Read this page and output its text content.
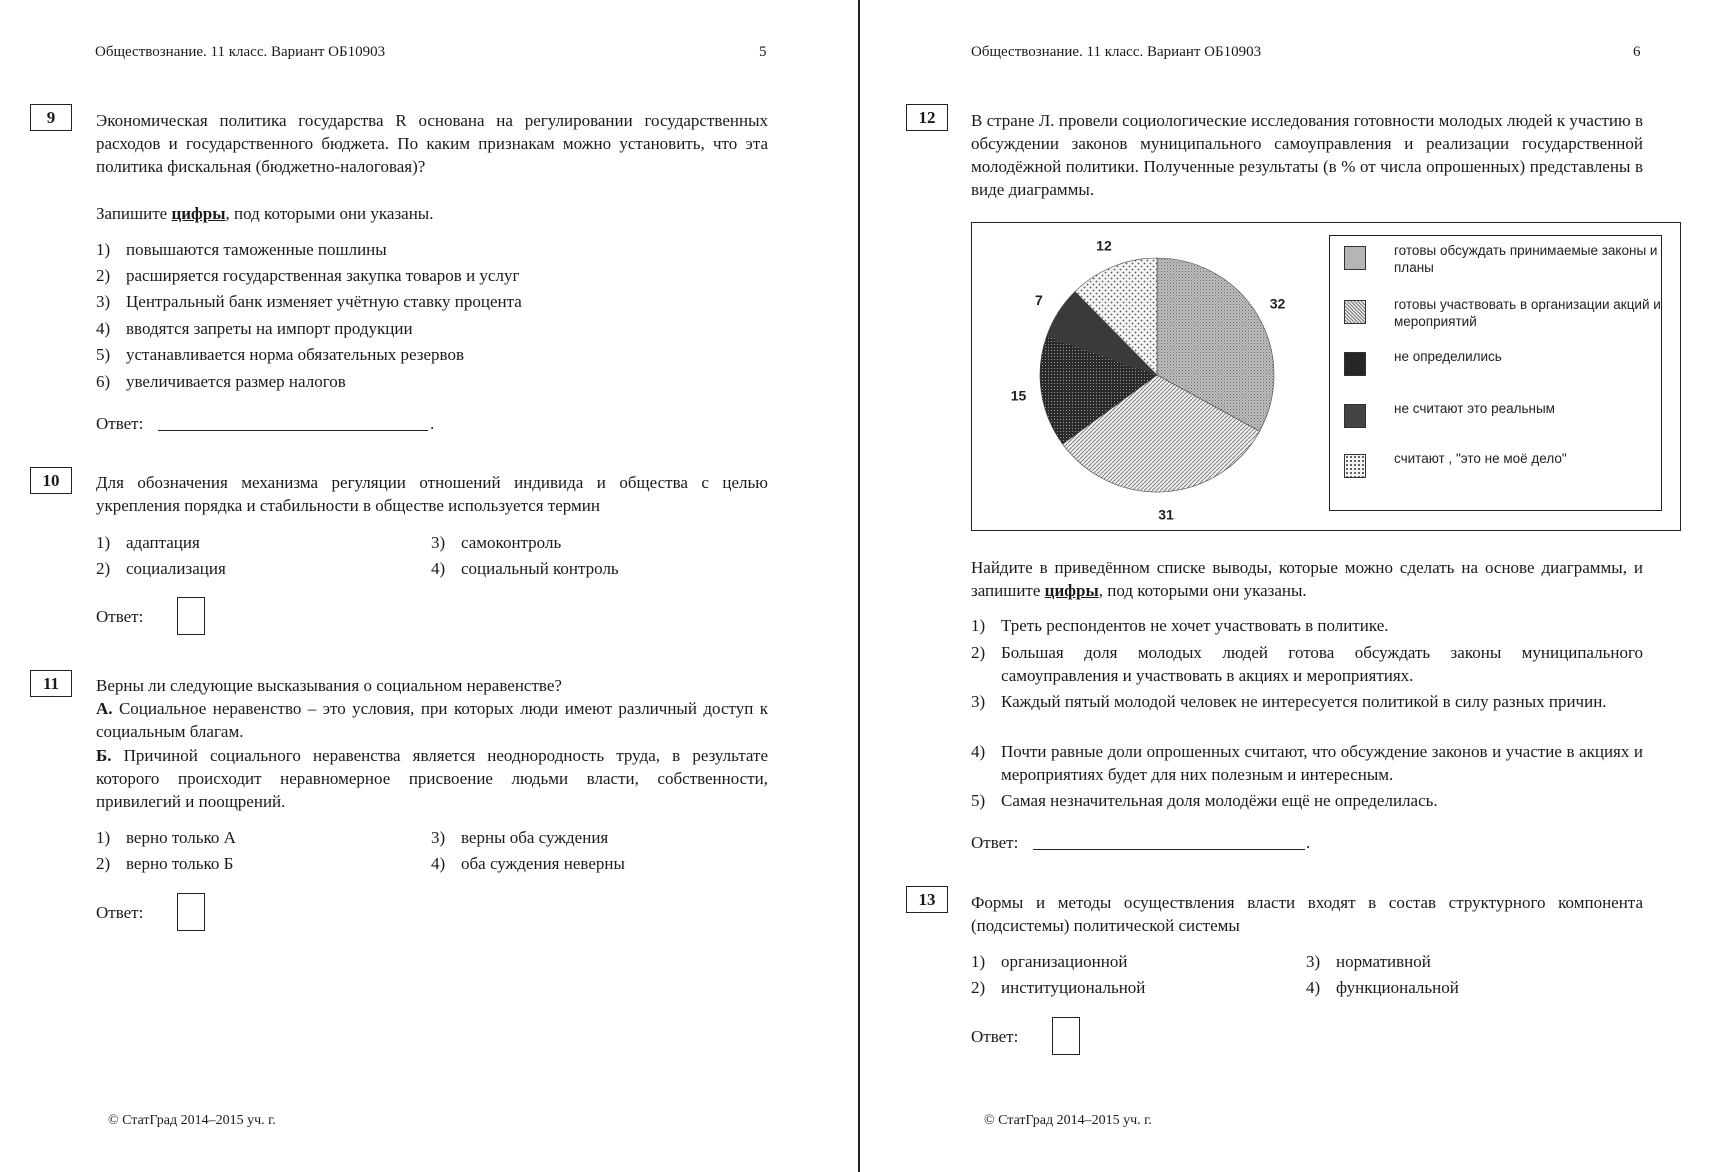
Обществознание. 11 класс. Вариант ОБ10903	5
9	Экономическая политика государства R основана на регулировании государственных расходов и государственного бюджета. По каким признакам можно установить, что эта политика фискальная (бюджетно-налоговая)?
Запишите цифры, под которыми они указаны.
1) повышаются таможенные пошлины
2) расширяется государственная закупка товаров и услуг
3) Центральный банк изменяет учётную ставку процента
4) вводятся запреты на импорт продукции
5) устанавливается норма обязательных резервов
6) увеличивается размер налогов
Ответ:	.
10	Для обозначения механизма регуляции отношений индивида и общества с целью укрепления порядка и стабильности в обществе используется термин
1) адаптация
2) социализация
3) самоконтроль
4) социальный контроль
Ответ:
11	Верны ли следующие высказывания о социальном неравенстве?
А. Социальное неравенство – это условия, при которых люди имеют различный доступ к социальным благам.
Б. Причиной социального неравенства является неоднородность труда, в результате которого происходит неравномерное присвоение людьми власти, собственности, привилегий и поощрений.
1) верно только А
2) верно только Б
3) верны оба суждения
4) оба суждения неверны
Ответ:
© СтатГрад 2014–2015 уч. г.
Обществознание. 11 класс. Вариант ОБ10903	6
12	В стране Л. провели социологические исследования готовности молодых людей к участию в обсуждении законов муниципального самоуправления и реализации государственной молодёжной политики. Полученные результаты (в % от числа опрошенных) представлены в виде диаграммы.
32
31
15
7
12	готовы обсуждать принимаемые законы и планы
готовы участвовать в организации акций и мероприятий
не определились
не считают это реальным
считают , "это не моё дело"
Найдите в приведённом списке выводы, которые можно сделать на основе диаграммы, и запишите цифры, под которыми они указаны.
1) Треть респондентов не хочет участвовать в политике.
2) Большая доля молодых людей готова обсуждать законы муниципального самоуправления и участвовать в акциях и мероприятиях.
3) Каждый пятый молодой человек не интересуется политикой в силу разных причин.
4) Почти равные доли опрошенных считают, что обсуждение законов и участие в акциях и мероприятиях будет для них полезным и интересным.
5) Самая незначительная доля молодёжи ещё не определилась.
Ответ:	.
13	Формы и методы осуществления власти входят в состав структурного компонента (подсистемы) политической системы
1) организационной
2) институциональной
3) нормативной
4) функциональной
Ответ:
© СтатГрад 2014–2015 уч. г.
